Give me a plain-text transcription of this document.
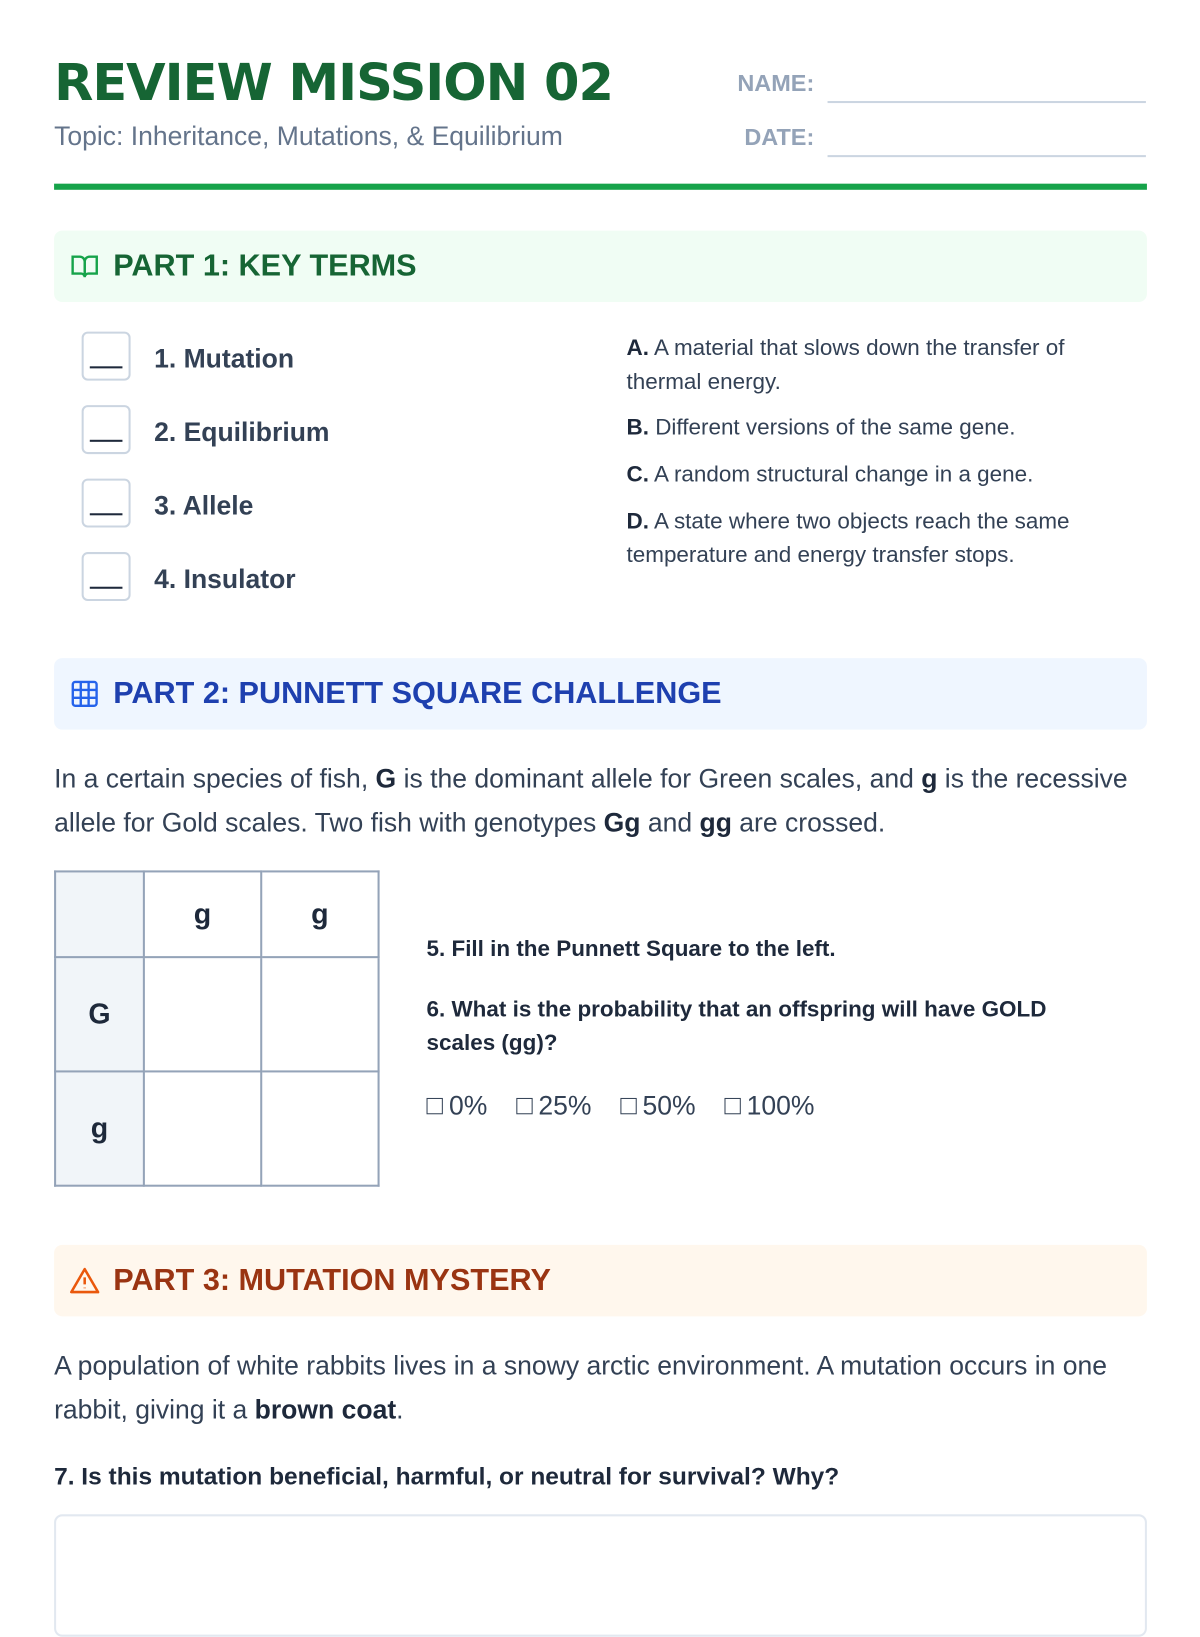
REVIEW MISSION 02
Topic: Inheritance, Mutations, & Equilibrium
NAME:
DATE:
PART 1: KEY TERMS
1. Mutation
2. Equilibrium
3. Allele
4. Insulator
A. A material that slows down the transfer of thermal energy.
B. Different versions of the same gene.
C. A random structural change in a gene.
D. A state where two objects reach the same temperature and energy transfer stops.
PART 2: PUNNETT SQUARE CHALLENGE
In a certain species of fish, G is the dominant allele for Green scales, and g is the recessive allele for Gold scales. Two fish with genotypes Gg and gg are crossed.
	g	g
G		
g		
5. Fill in the Punnett Square to the left.
6. What is the probability that an offspring will have GOLD scales (gg)?
0% 25% 50% 100%
PART 3: MUTATION MYSTERY
A population of white rabbits lives in a snowy arctic environment. A mutation occurs in one rabbit, giving it a brown coat.
7. Is this mutation beneficial, harmful, or neutral for survival? Why?
